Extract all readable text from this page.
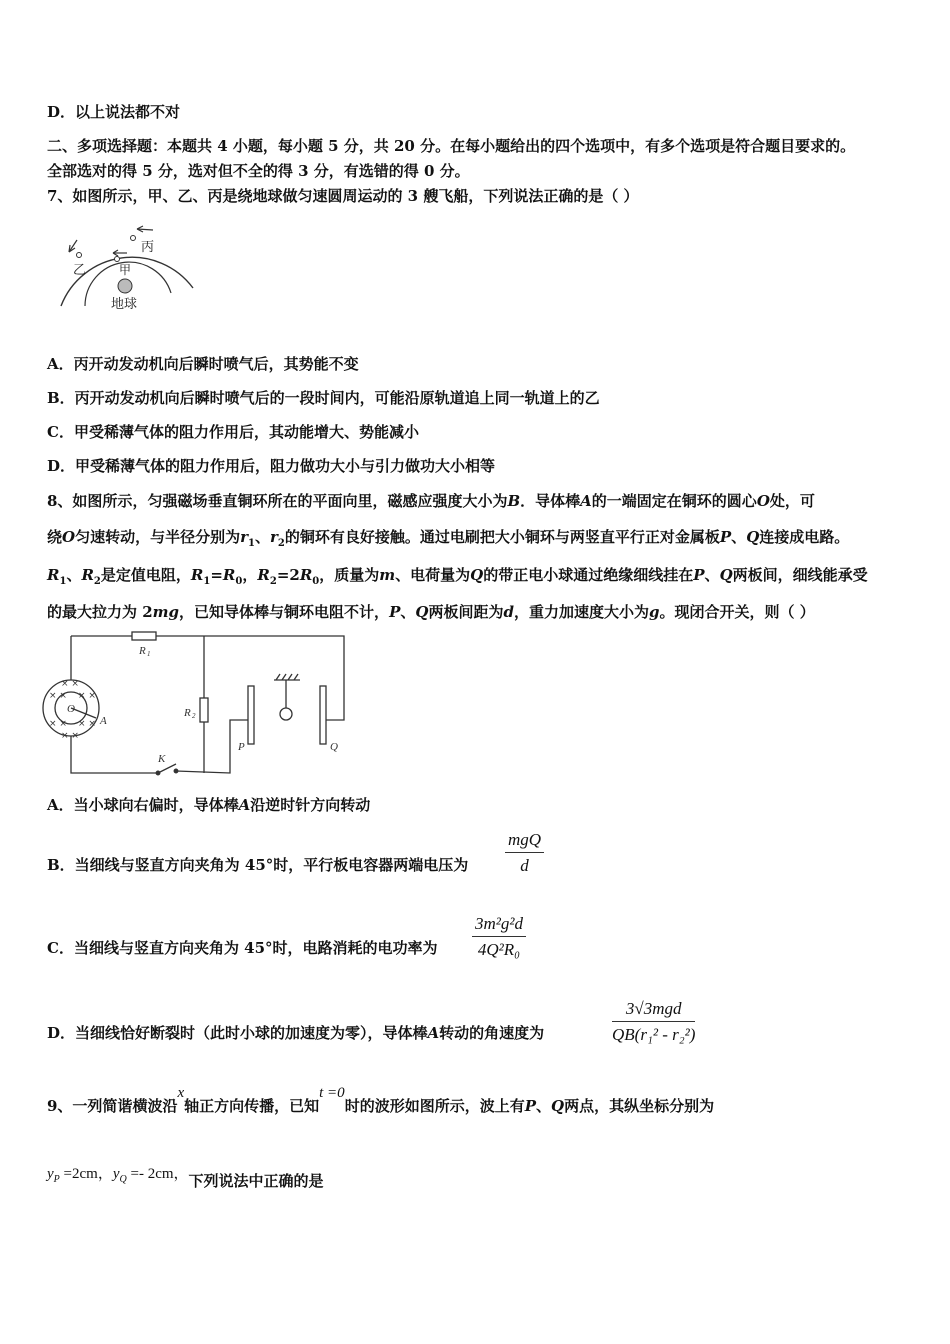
D．以上说法都不对
二、多项选择题：本题共 4 小题，每小题 5 分，共 20 分。在每小题给出的四个选项中，有多个选项是符合题目要求的。
全部选对的得 5 分，选对但不全的得 3 分，有选错的得 0 分。
7、如图所示，甲、乙、丙是绕地球做匀速圆周运动的 3 艘飞船，下列说法正确的是（ ）
丙
乙	甲
地球
A．丙开动发动机向后瞬时喷气后，其势能不变
B．丙开动发动机向后瞬时喷气后的一段时间内，可能沿原轨道追上同一轨道上的乙
C．甲受稀薄气体的阻力作用后，其动能增大、势能减小
D．甲受稀薄气体的阻力作用后，阻力做功大小与引力做功大小相等
8、如图所示，匀强磁场垂直铜环所在的平面向里，磁感应强度大小为B．导体棒A的一端固定在铜环的圆心O处，可
绕O匀速转动，与半径分别为$r_1$、$r_2$的铜环有良好接触。通过电刷把大小铜环与两竖直平行正对金属板P、Q连接成电路。
$R_1$、$R_2$是定值电阻，$R_1=R_0$，$R_2=2R_0$，质量为m、电荷量为Q的带正电小球通过绝缘细线挂在P、Q两板间，细线能承受
的最大拉力为 2mg，已知导体棒与铜环电阻不计，P、Q两板间距为d，重力加速度大小为g。现闭合开关，则（ ）
× ×
× ×
× ×
× ×
× ×
× ×
R 1
R 2
K
P	Q
A
O
A．当小球向右偏时，导体棒A沿逆时针方向转动
B．当细线与竖直方向夹角为 45°时，平行板电容器两端电压为
mgQ
d
C．当细线与竖直方向夹角为 45°时，电路消耗的电功率为 $\frac{\text{3m²g²d}}{\text{4Q²R₀}}$
D．当细线恰好断裂时（此时小球的加速度为零），导体棒A转动的角速度为
3√3mgd
QB(r₁² - r₂²)
9、一列简谐横波沿x轴正方向传播，已知t =0时的波形如图所示，波上有P、Q两点，其纵坐标分别为
$y_P =2cm$，$y_Q =- 2cm$，下列说法中正确的是
